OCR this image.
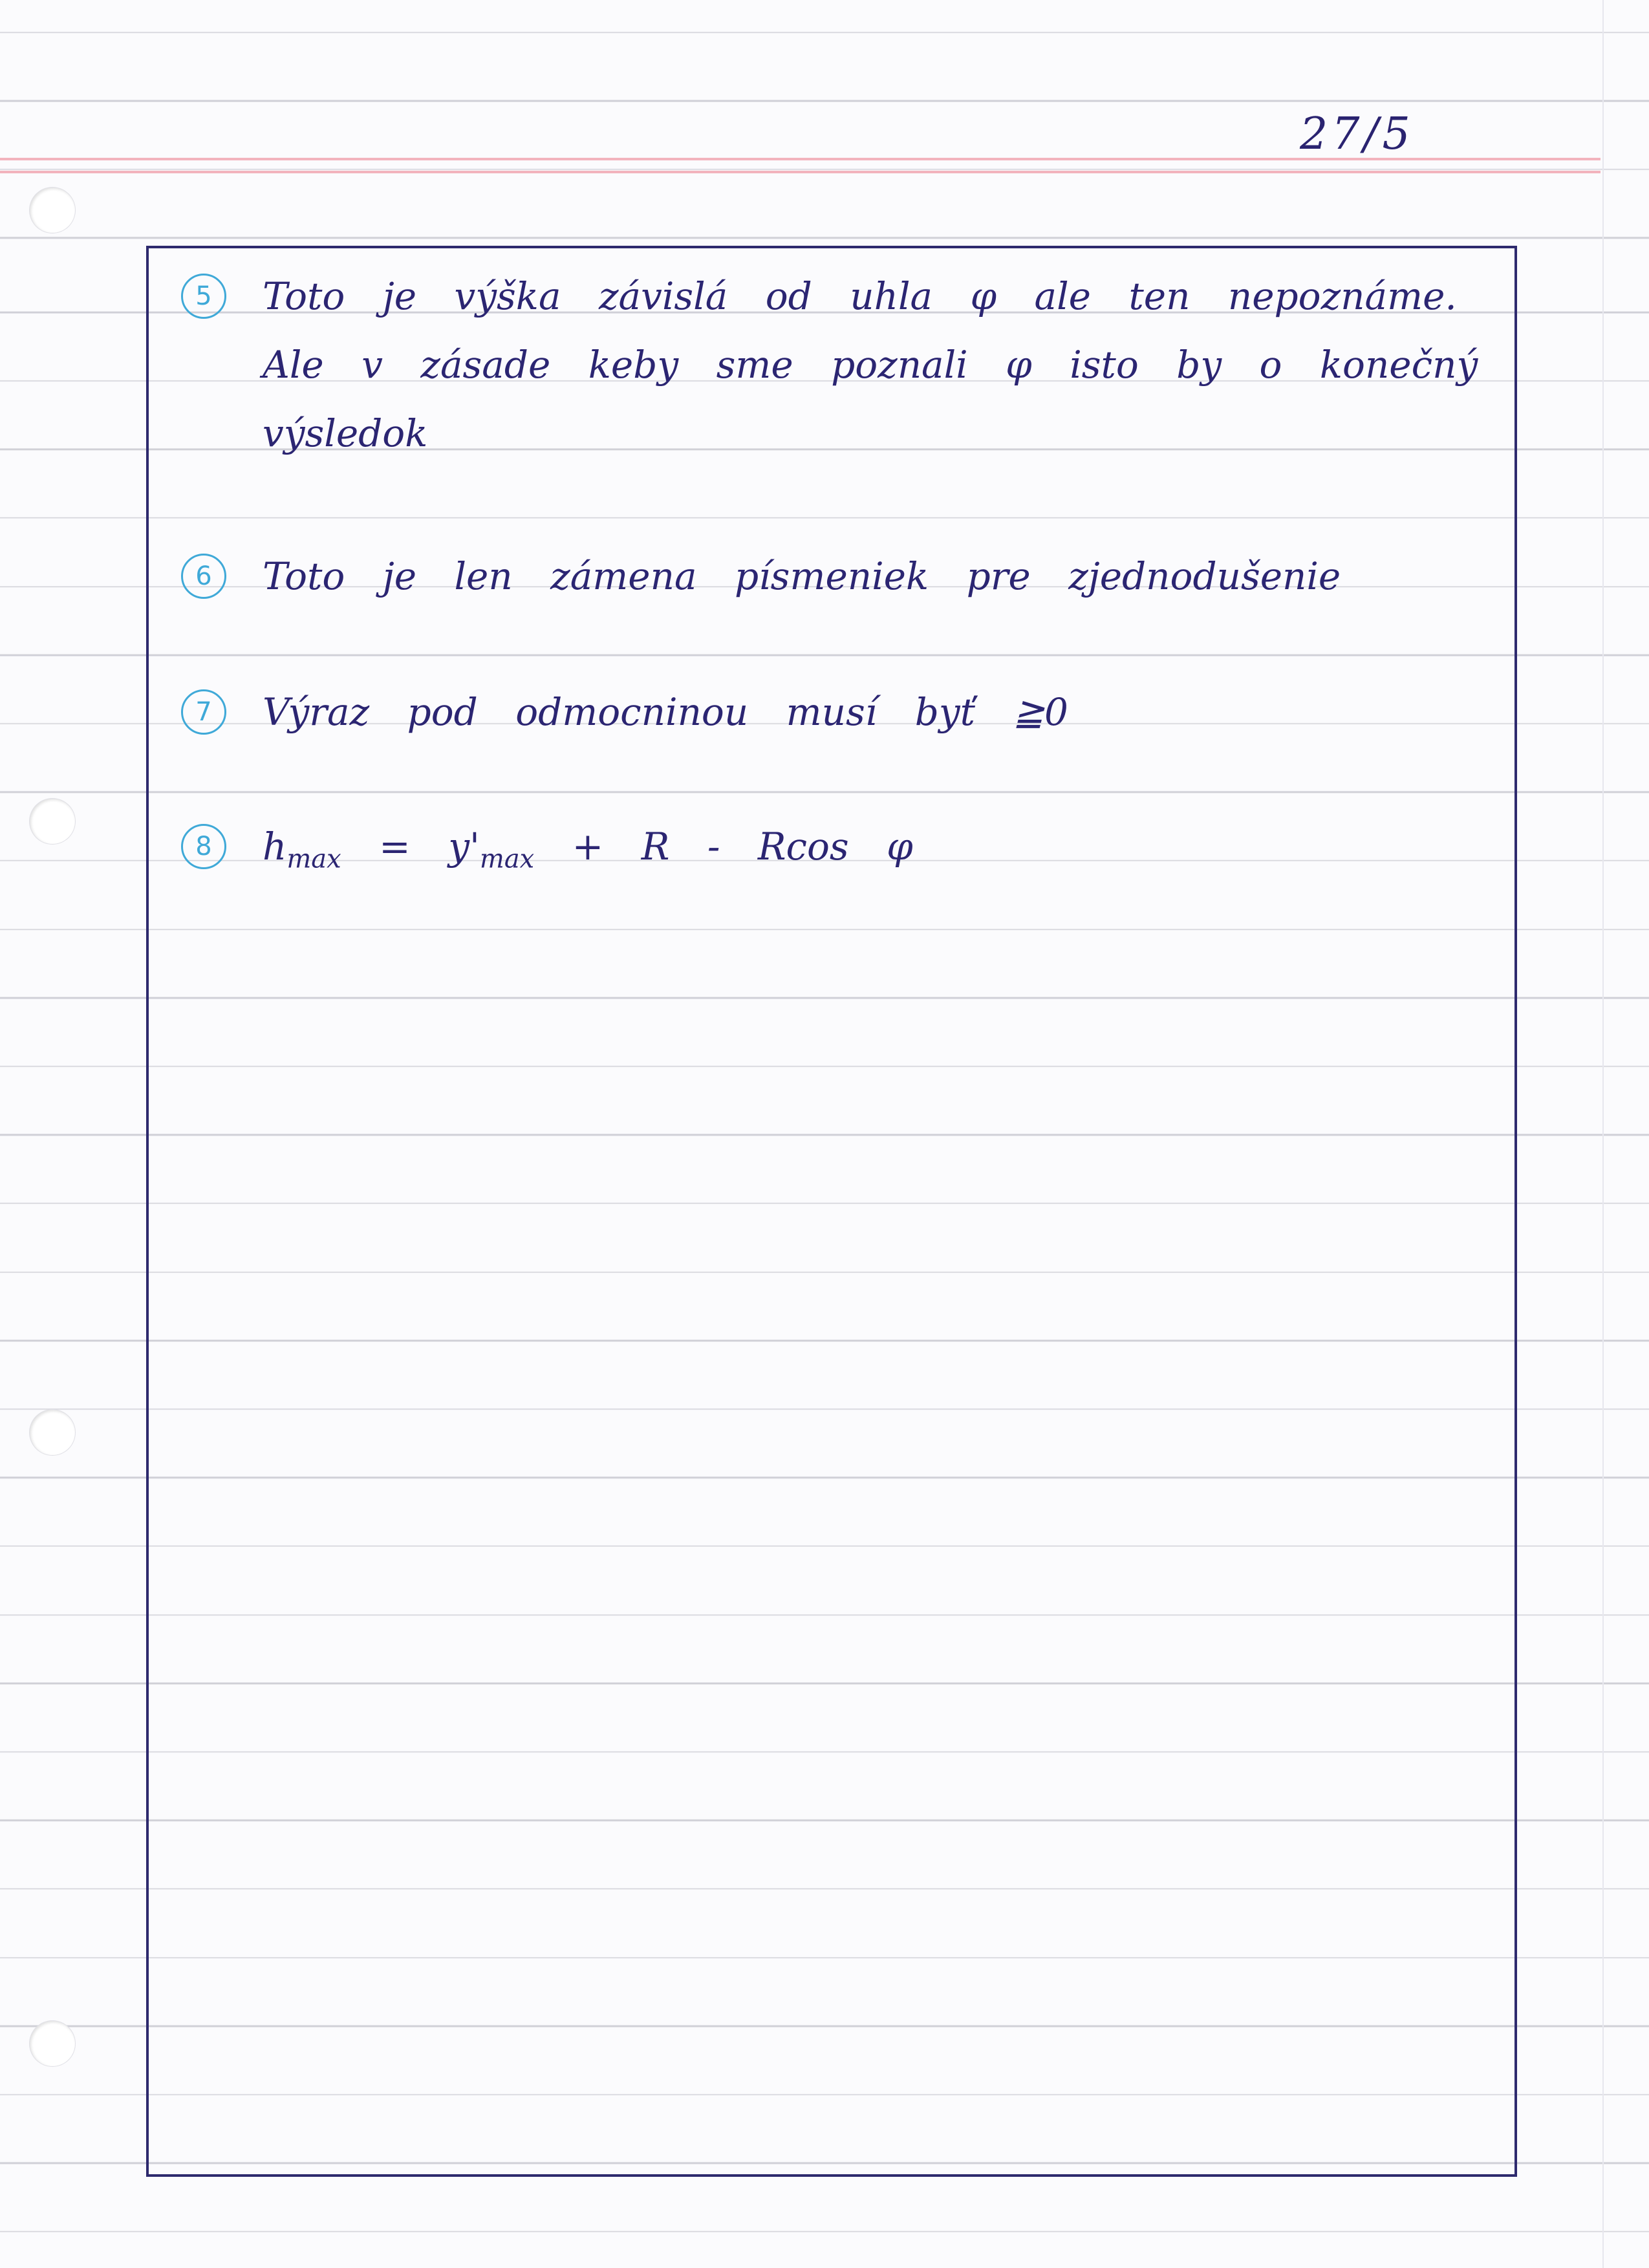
27/5
5	Toto je výška závislá od uhla φ ale ten nepoznáme.
Ale v zásade keby sme poznali φ isto by o konečný
výsledok
6	Toto je len zámena písmeniek pre zjednodušenie
7	Výraz pod odmocninou musí byť ≧0
8	$h_{max} = y'_{max} + R - Rcos$ φ
